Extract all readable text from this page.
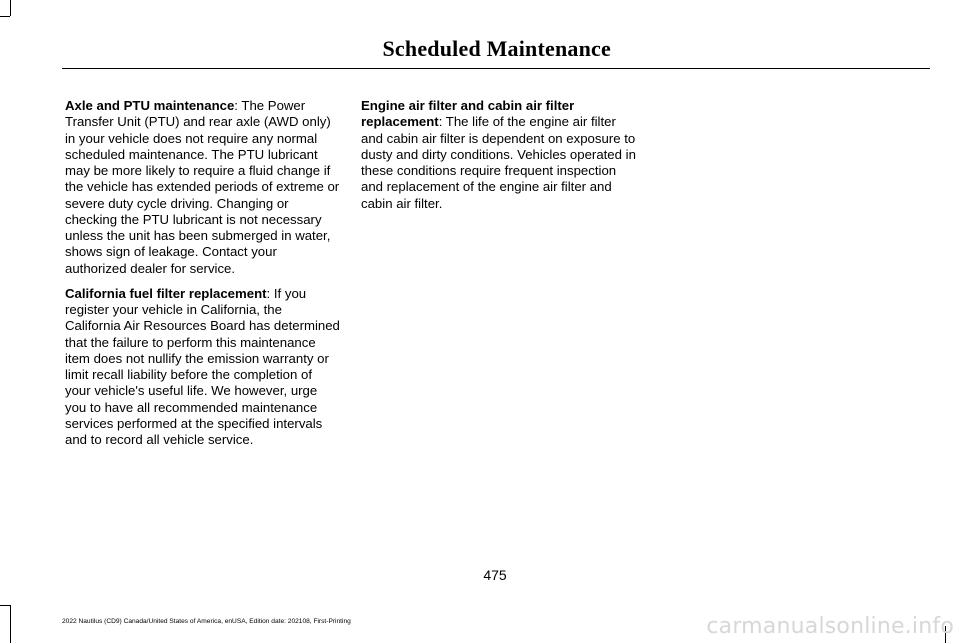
Scheduled Maintenance

Axle and PTU maintenance: The Power Transfer Unit (PTU) and rear axle (AWD only) in your vehicle does not require any normal scheduled maintenance. The PTU lubricant may be more likely to require a fluid change if the vehicle has extended periods of extreme or severe duty cycle driving. Changing or checking the PTU lubricant is not necessary unless the unit has been submerged in water, shows sign of leakage. Contact your authorized dealer for service.

California fuel filter replacement: If you register your vehicle in California, the California Air Resources Board has determined that the failure to perform this maintenance item does not nullify the emission warranty or limit recall liability before the completion of your vehicle's useful life. We however, urge you to have all recommended maintenance services performed at the specified intervals and to record all vehicle service.

Engine air filter and cabin air filter replacement: The life of the engine air filter and cabin air filter is dependent on exposure to dusty and dirty conditions. Vehicles operated in these conditions require frequent inspection and replacement of the engine air filter and cabin air filter.

475
2022 Nautilus (CD9) Canada/United States of America, enUSA, Edition date: 202108, First-Printing	carmanualsonline.info
